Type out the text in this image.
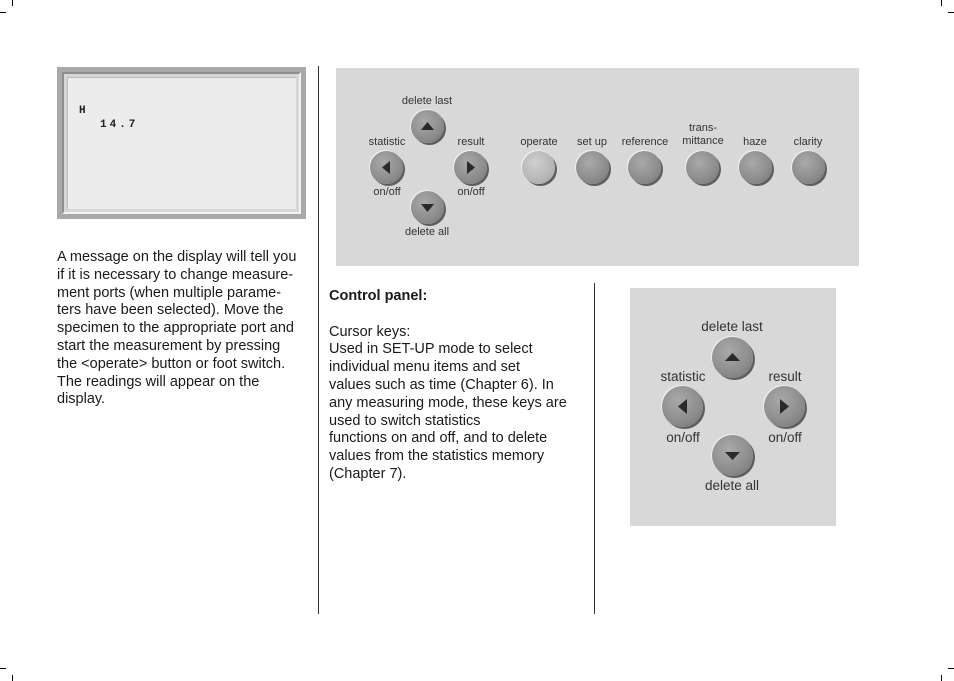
H
14.7
A message on the display will tell you
if it is necessary to change measure-
ment ports (when multiple parame-
ters have been selected). Move the
specimen to the appropriate port and
start the measurement by pressing
the <operate> button or foot switch.
The readings will appear on the
display.
delete last
statistic	result
on/off	on/off
delete all
operate set up reference
trans-
mittance haze clarity
Control panel:
Cursor keys:
Used in SET-UP mode to select
individual menu items and set
values such as time (Chapter 6). In
any measuring mode, these keys are
used to switch statistics
functions on and off, and to delete
values from the statistics memory
(Chapter 7).
delete last
statistic	result
on/off	on/off
delete all
